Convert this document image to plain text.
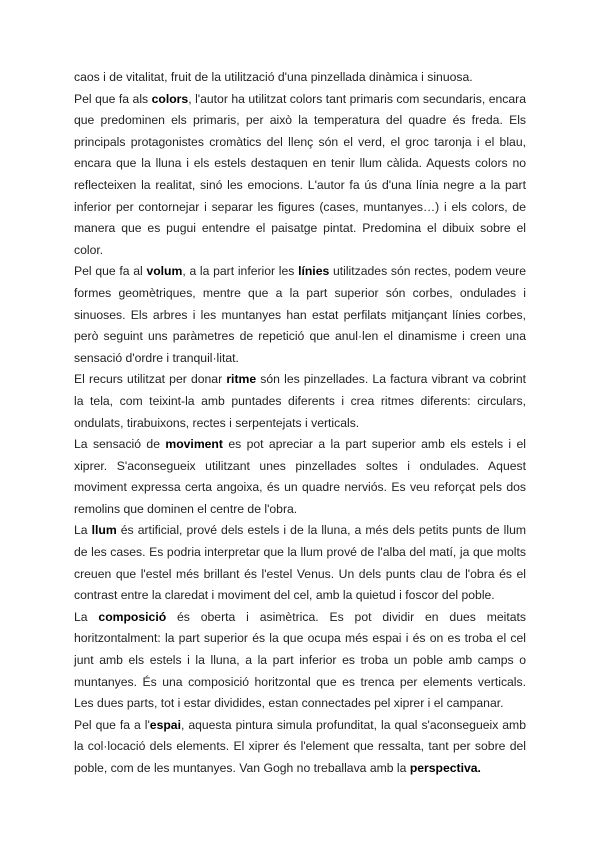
caos i de vitalitat, fruit de la utilització d'una pinzellada dinàmica i sinuosa.

Pel que fa als colors, l'autor ha utilitzat colors tant primaris com secundaris, encara que predominen els primaris, per això la temperatura del quadre és freda. Els principals protagonistes cromàtics del llenç són el verd, el groc taronja i el blau, encara que la lluna i els estels destaquen en tenir llum càlida. Aquests colors no reflecteixen la realitat, sinó les emocions. L'autor fa ús d'una línia negre a la part inferior per contornejar i separar les figures (cases, muntanyes…) i els colors, de manera que es pugui entendre el paisatge pintat. Predomina el dibuix sobre el color.

Pel que fa al volum, a la part inferior les línies utilitzades són rectes, podem veure formes geomètriques, mentre que a la part superior són corbes, ondulades i sinuoses. Els arbres i les muntanyes han estat perfilats mitjançant línies corbes, però seguint uns paràmetres de repetició que anul·len el dinamisme i creen una sensació d'ordre i tranquil·litat.

El recurs utilitzat per donar ritme són les pinzellades. La factura vibrant va cobrint la tela, com teixint-la amb puntades diferents i crea ritmes diferents: circulars, ondulats, tirabuixons, rectes i serpentejats i verticals.

La sensació de moviment es pot apreciar a la part superior amb els estels i el xiprer. S'aconsegueix utilitzant unes pinzellades soltes i ondulades. Aquest moviment expressa certa angoixa, és un quadre nerviós. Es veu reforçat pels dos remolins que dominen el centre de l'obra.

La llum és artificial, prové dels estels i de la lluna, a més dels petits punts de llum de les cases. Es podria interpretar que la llum prové de l'alba del matí, ja que molts creuen que l'estel més brillant és l'estel Venus. Un dels punts clau de l'obra és el contrast entre la claredat i moviment del cel, amb la quietud i foscor del poble.

La composició és oberta i asimètrica. Es pot dividir en dues meitats horitzontalment: la part superior és la que ocupa més espai i és on es troba el cel junt amb els estels i la lluna, a la part inferior es troba un poble amb camps o muntanyes. És una composició horitzontal que es trenca per elements verticals. Les dues parts, tot i estar dividides, estan connectades pel xiprer i el campanar.

Pel que fa a l'espai, aquesta pintura simula profunditat, la qual s'aconsegueix amb la col·locació dels elements. El xiprer és l'element que ressalta, tant per sobre del poble, com de les muntanyes. Van Gogh no treballava amb la perspectiva.
